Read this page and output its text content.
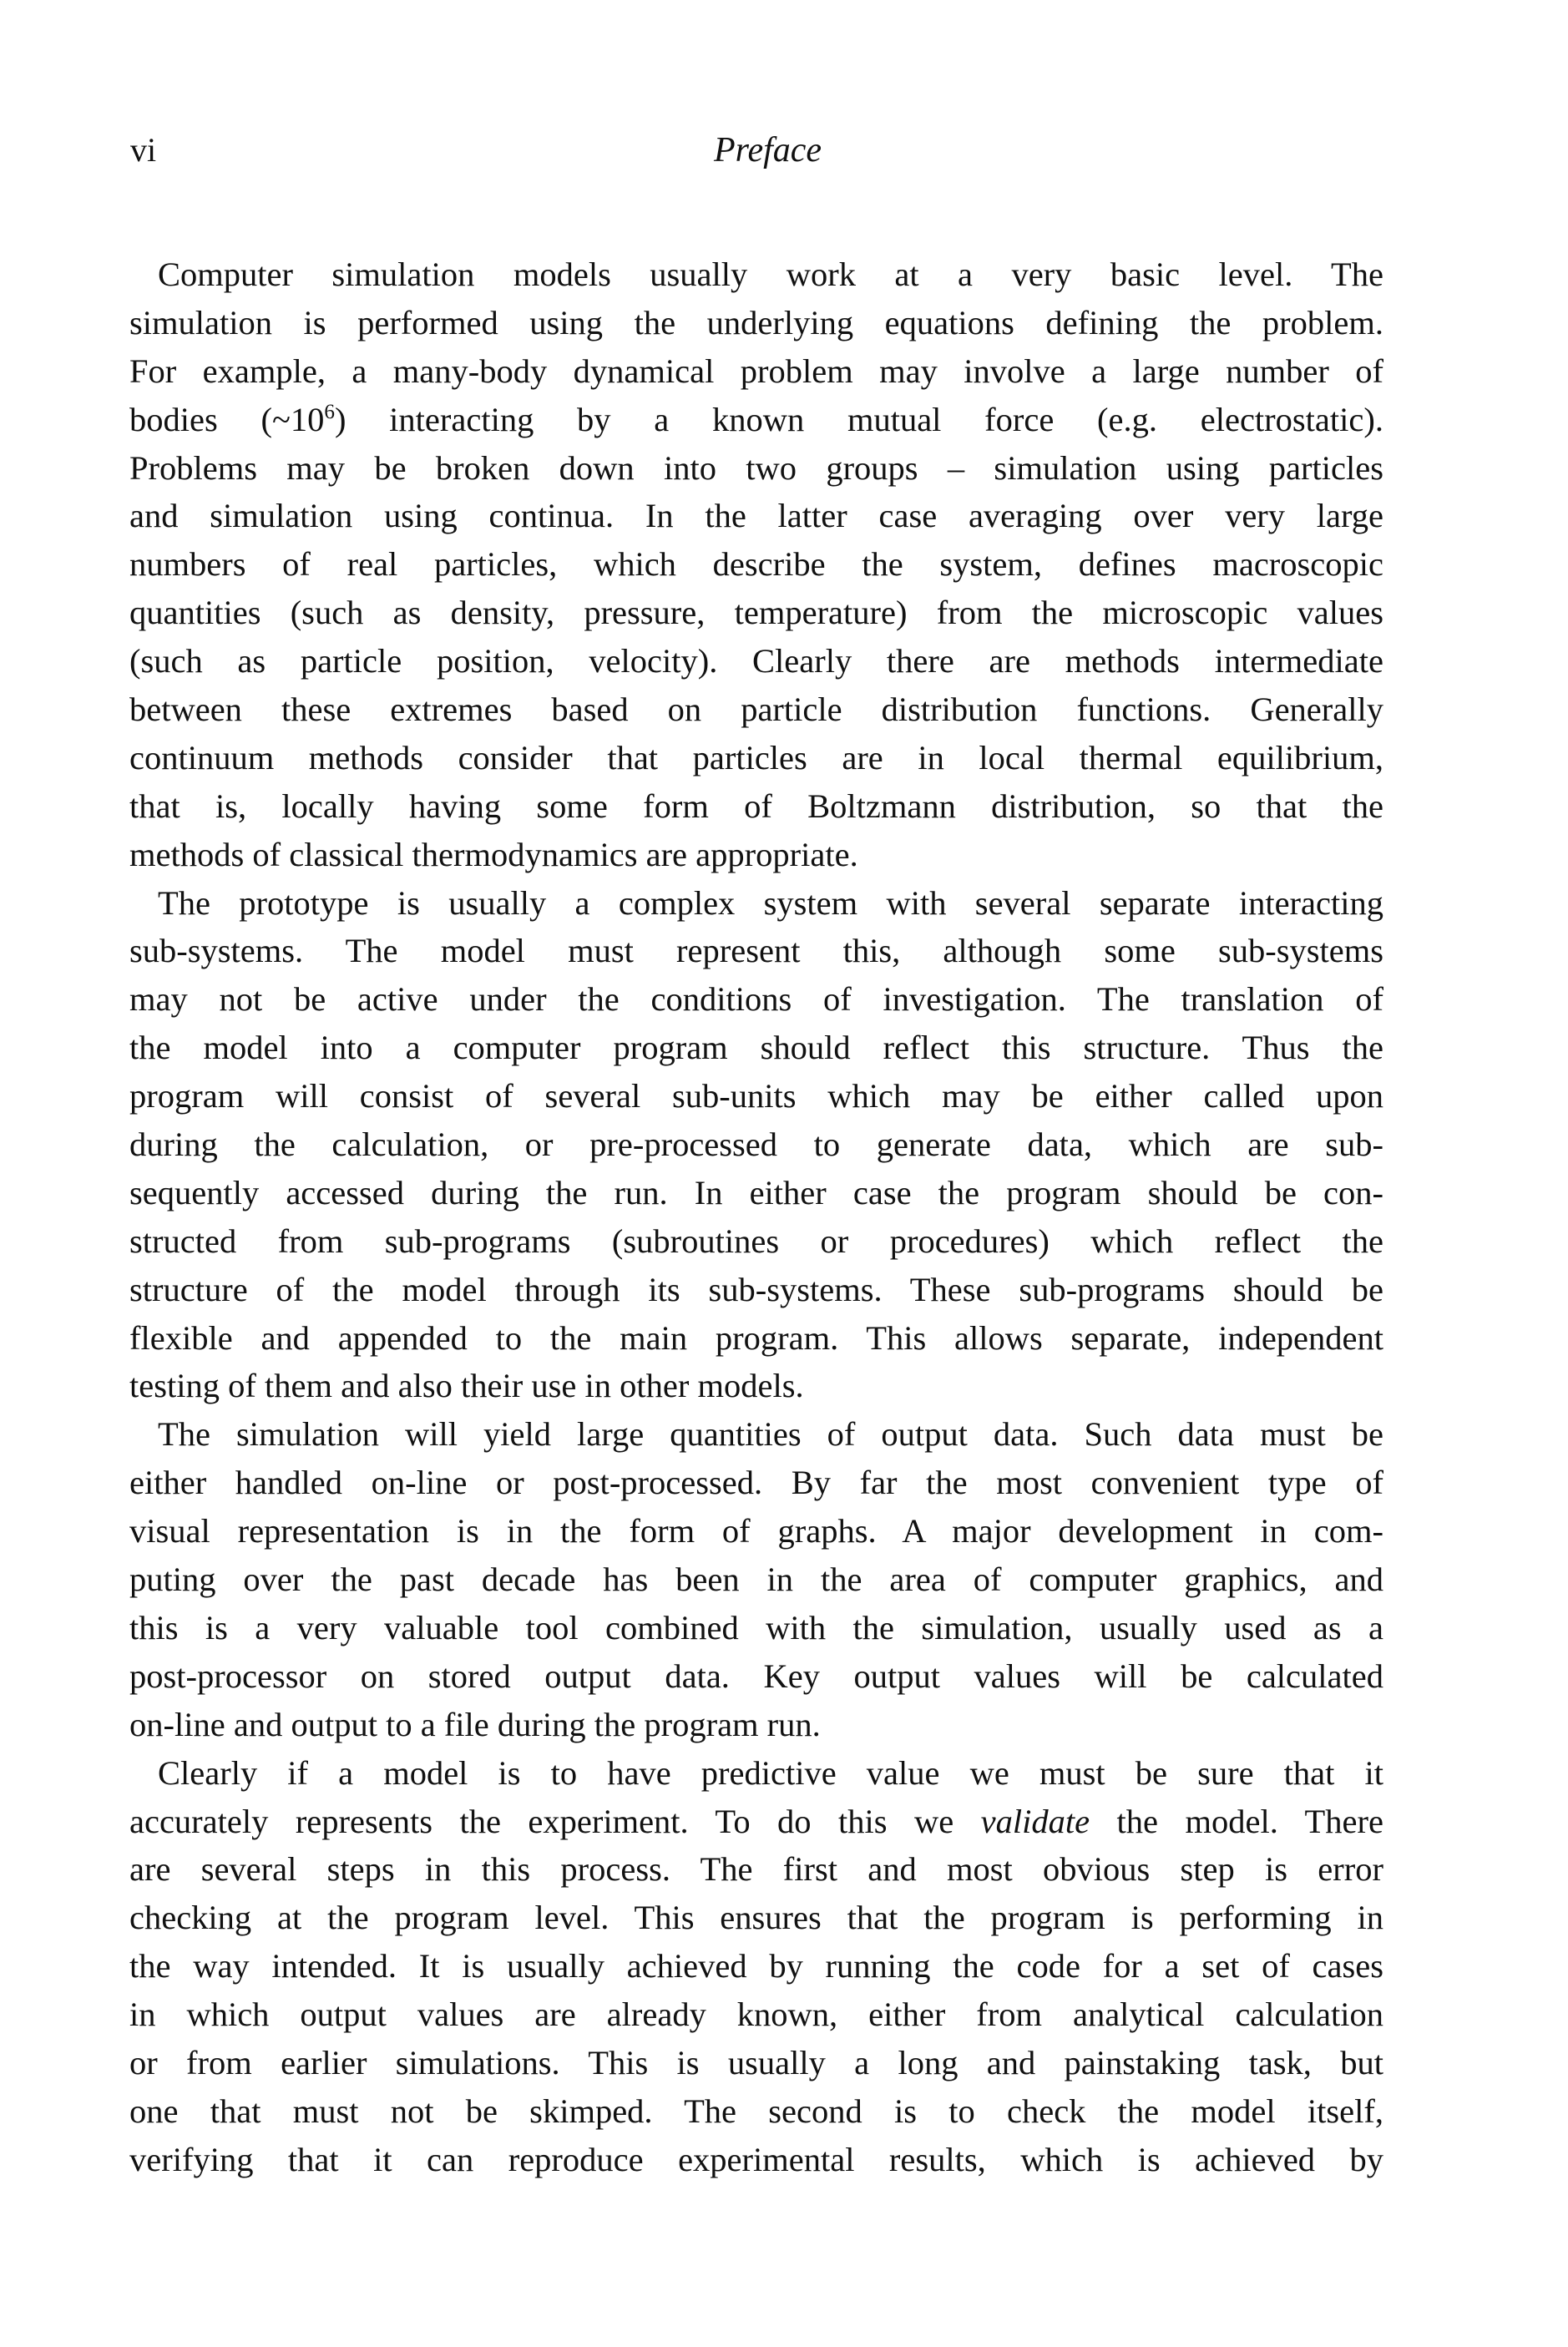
vi	Preface
Computer simulation models usually work at a very basic level. The
simulation is performed using the underlying equations defining the problem.
For example, a many-body dynamical problem may involve a large number of
bodies $(\sim 10^6)$ interacting by a known mutual force (e.g. electrostatic).
Problems may be broken down into two groups – simulation using particles
and simulation using continua. In the latter case averaging over very large
numbers of real particles, which describe the system, defines macroscopic
quantities (such as density, pressure, temperature) from the microscopic values
(such as particle position, velocity). Clearly there are methods intermediate
between these extremes based on particle distribution functions. Generally
continuum methods consider that particles are in local thermal equilibrium,
that is, locally having some form of Boltzmann distribution, so that the
methods of classical thermodynamics are appropriate.
The prototype is usually a complex system with several separate interacting
sub-systems. The model must represent this, although some sub-systems
may not be active under the conditions of investigation. The translation of
the model into a computer program should reflect this structure. Thus the
program will consist of several sub-units which may be either called upon
during the calculation, or pre-processed to generate data, which are sub-
sequently accessed during the run. In either case the program should be con-
structed from sub-programs (subroutines or procedures) which reflect the
structure of the model through its sub-systems. These sub-programs should be
flexible and appended to the main program. This allows separate, independent
testing of them and also their use in other models.
The simulation will yield large quantities of output data. Such data must be
either handled on-line or post-processed. By far the most convenient type of
visual representation is in the form of graphs. A major development in com-
puting over the past decade has been in the area of computer graphics, and
this is a very valuable tool combined with the simulation, usually used as a
post-processor on stored output data. Key output values will be calculated
on-line and output to a file during the program run.
Clearly if a model is to have predictive value we must be sure that it
accurately represents the experiment. To do this we validate the model. There
are several steps in this process. The first and most obvious step is error
checking at the program level. This ensures that the program is performing in
the way intended. It is usually achieved by running the code for a set of cases
in which output values are already known, either from analytical calculation
or from earlier simulations. This is usually a long and painstaking task, but
one that must not be skimped. The second is to check the model itself,
verifying that it can reproduce experimental results, which is achieved by
